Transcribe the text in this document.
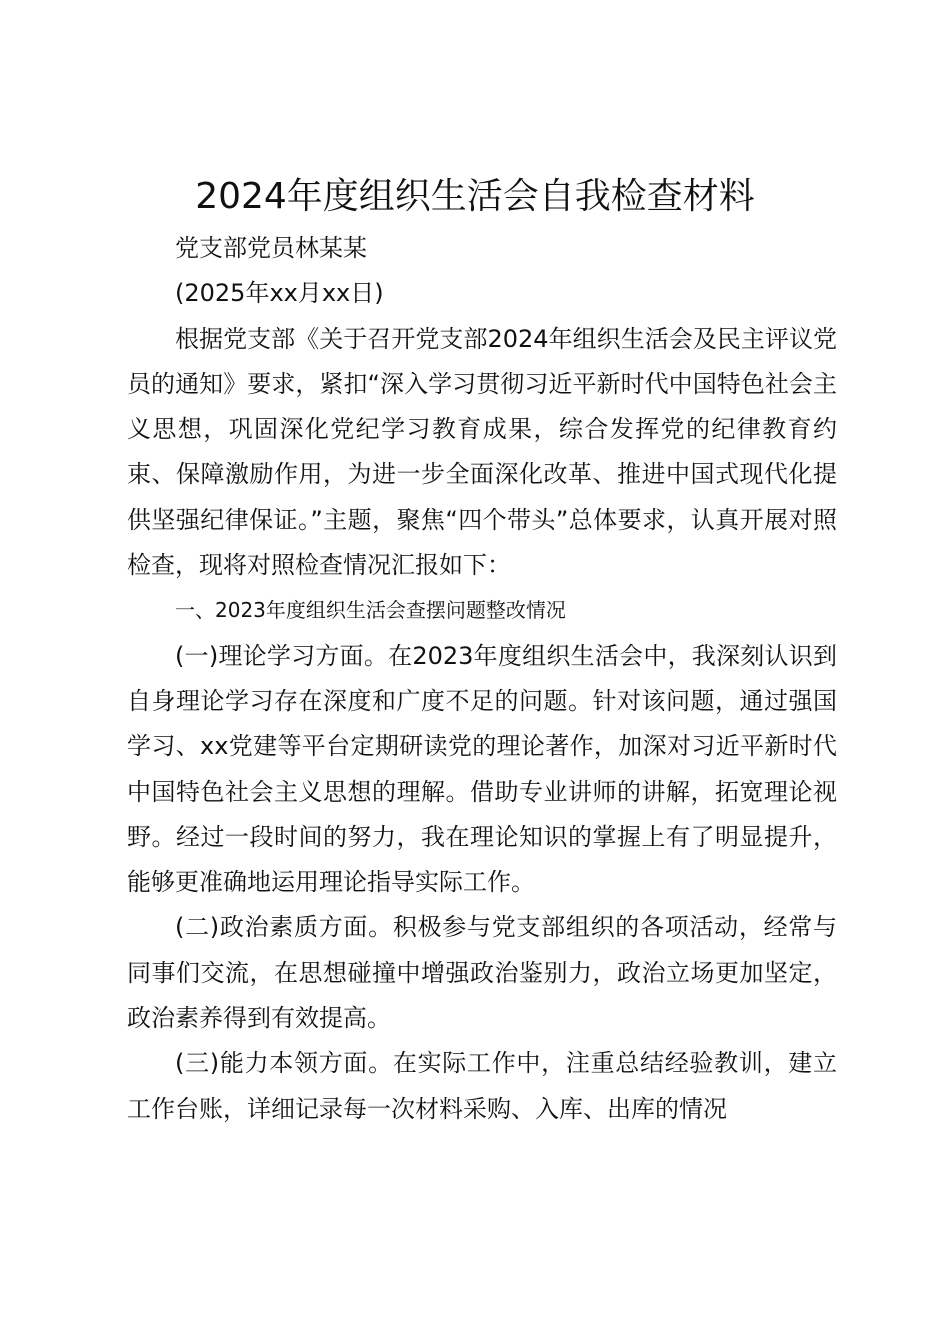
2024年度组织生活会自我检查材料

党支部党员林某某

(2025年xx月xx日)

根据党支部《关于召开党支部2024年组织生活会及民主评议党员的通知》要求，紧扣“深入学习贯彻习近平新时代中国特色社会主义思想，巩固深化党纪学习教育成果，综合发挥党的纪律教育约束、保障激励作用，为进一步全面深化改革、推进中国式现代化提供坚强纪律保证。”主题，聚焦“四个带头”总体要求，认真开展对照检查，现将对照检查情况汇报如下：

一、2023年度组织生活会查摆问题整改情况

(一)理论学习方面。在2023年度组织生活会中，我深刻认识到自身理论学习存在深度和广度不足的问题。针对该问题，通过强国学习、xx党建等平台定期研读党的理论著作，加深对习近平新时代中国特色社会主义思想的理解。借助专业讲师的讲解，拓宽理论视野。经过一段时间的努力，我在理论知识的掌握上有了明显提升，能够更准确地运用理论指导实际工作。

(二)政治素质方面。积极参与党支部组织的各项活动，经常与同事们交流，在思想碰撞中增强政治鉴别力，政治立场更加坚定，政治素养得到有效提高。

(三)能力本领方面。在实际工作中，注重总结经验教训，建立工作台账，详细记录每一次材料采购、入库、出库的情况
